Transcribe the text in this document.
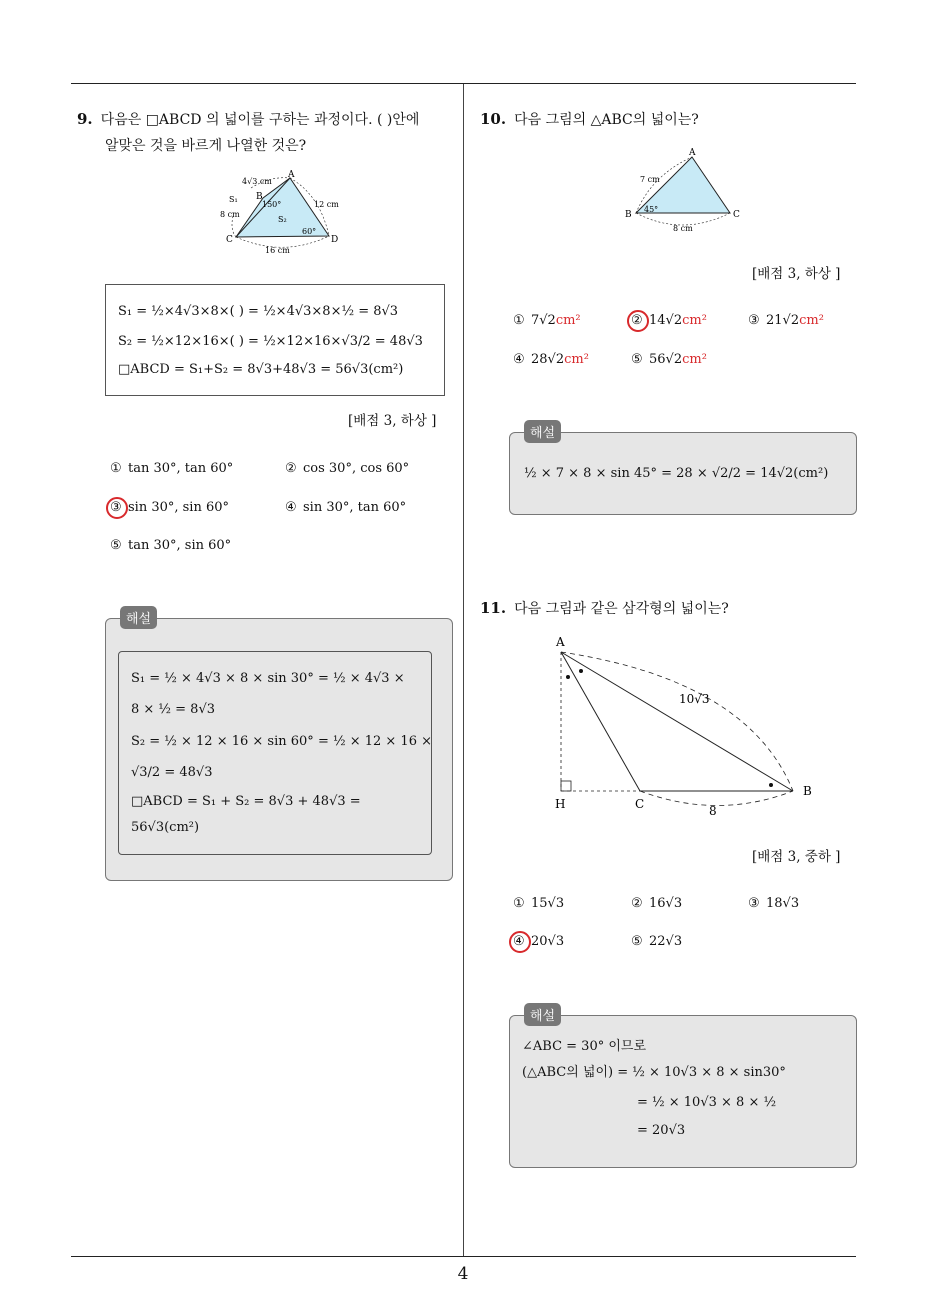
9. 다음은 □ABCD 의 넓이를 구하는 과정이다. ( )안에
알맞은 것을 바르게 나열한 것은?
A
B
C	D
4√3 cm
8 cm
12 cm
16 cm
150°
60°
S₁
S₂
S₁ = ½×4√3×8×( ) = ½×4√3×8×½ = 8√3
S₂ = ½×12×16×( ) = ½×12×16×√3/2 = 48√3
□ABCD = S₁+S₂ = 8√3+48√3 = 56√3(cm²)
[배점 3, 하상 ]
① tan 30°, tan 60°	② cos 30°, cos 60°
③ sin 30°, sin 60°	④ sin 30°, tan 60°
⑤ tan 30°, sin 60°
해설
S₁ = ½ × 4√3 × 8 × sin 30° = ½ × 4√3 ×
8 × ½ = 8√3
S₂ = ½ × 12 × 16 × sin 60° = ½ × 12 × 16 ×
√3/2 = 48√3
□ABCD = S₁ + S₂ = 8√3 + 48√3 =
56√3(cm²)
10. 다음 그림의 △ABC의 넓이는?
A
B	C
7 cm
8 cm
45°
[배점 3, 하상 ]
① 7√2cm²	② 14√2cm²	③ 21√2cm²
④ 28√2cm²	⑤ 56√2cm²
해설
½ × 7 × 8 × sin 45° = 28 × √2/2 = 14√2(cm²)
11. 다음 그림과 같은 삼각형의 넓이는?
A
H	C
B
10√3
8
[배점 3, 중하 ]
① 15√3	② 16√3	③ 18√3
④ 20√3	⑤ 22√3
해설
∠ABC = 30° 이므로
(△ABC의 넓이) = ½ × 10√3 × 8 × sin30°
= ½ × 10√3 × 8 × ½
= 20√3
4
